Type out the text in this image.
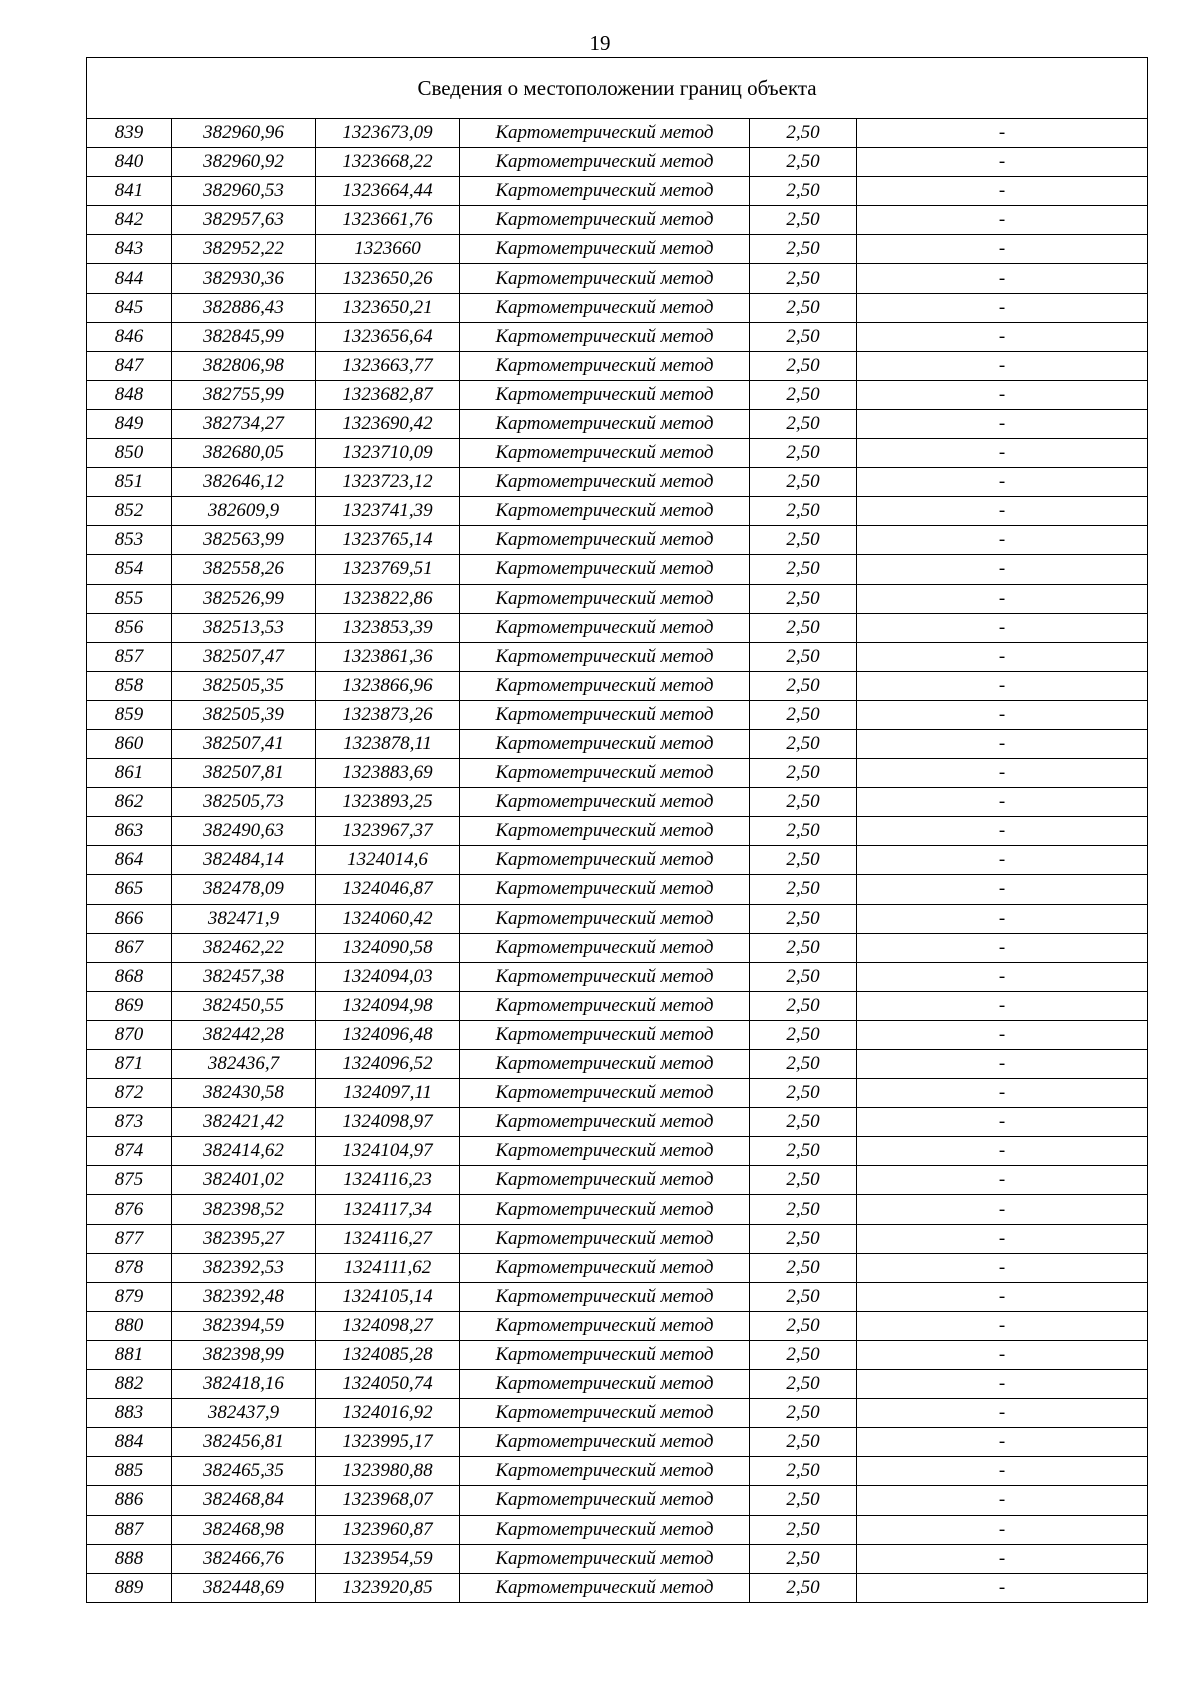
19
Сведения о местоположении границ объекта					
839	382960,96	1323673,09	Картометрический метод	2,50	-
840	382960,92	1323668,22	Картометрический метод	2,50	-
841	382960,53	1323664,44	Картометрический метод	2,50	-
842	382957,63	1323661,76	Картометрический метод	2,50	-
843	382952,22	1323660	Картометрический метод	2,50	-
844	382930,36	1323650,26	Картометрический метод	2,50	-
845	382886,43	1323650,21	Картометрический метод	2,50	-
846	382845,99	1323656,64	Картометрический метод	2,50	-
847	382806,98	1323663,77	Картометрический метод	2,50	-
848	382755,99	1323682,87	Картометрический метод	2,50	-
849	382734,27	1323690,42	Картометрический метод	2,50	-
850	382680,05	1323710,09	Картометрический метод	2,50	-
851	382646,12	1323723,12	Картометрический метод	2,50	-
852	382609,9	1323741,39	Картометрический метод	2,50	-
853	382563,99	1323765,14	Картометрический метод	2,50	-
854	382558,26	1323769,51	Картометрический метод	2,50	-
855	382526,99	1323822,86	Картометрический метод	2,50	-
856	382513,53	1323853,39	Картометрический метод	2,50	-
857	382507,47	1323861,36	Картометрический метод	2,50	-
858	382505,35	1323866,96	Картометрический метод	2,50	-
859	382505,39	1323873,26	Картометрический метод	2,50	-
860	382507,41	1323878,11	Картометрический метод	2,50	-
861	382507,81	1323883,69	Картометрический метод	2,50	-
862	382505,73	1323893,25	Картометрический метод	2,50	-
863	382490,63	1323967,37	Картометрический метод	2,50	-
864	382484,14	1324014,6	Картометрический метод	2,50	-
865	382478,09	1324046,87	Картометрический метод	2,50	-
866	382471,9	1324060,42	Картометрический метод	2,50	-
867	382462,22	1324090,58	Картометрический метод	2,50	-
868	382457,38	1324094,03	Картометрический метод	2,50	-
869	382450,55	1324094,98	Картометрический метод	2,50	-
870	382442,28	1324096,48	Картометрический метод	2,50	-
871	382436,7	1324096,52	Картометрический метод	2,50	-
872	382430,58	1324097,11	Картометрический метод	2,50	-
873	382421,42	1324098,97	Картометрический метод	2,50	-
874	382414,62	1324104,97	Картометрический метод	2,50	-
875	382401,02	1324116,23	Картометрический метод	2,50	-
876	382398,52	1324117,34	Картометрический метод	2,50	-
877	382395,27	1324116,27	Картометрический метод	2,50	-
878	382392,53	1324111,62	Картометрический метод	2,50	-
879	382392,48	1324105,14	Картометрический метод	2,50	-
880	382394,59	1324098,27	Картометрический метод	2,50	-
881	382398,99	1324085,28	Картометрический метод	2,50	-
882	382418,16	1324050,74	Картометрический метод	2,50	-
883	382437,9	1324016,92	Картометрический метод	2,50	-
884	382456,81	1323995,17	Картометрический метод	2,50	-
885	382465,35	1323980,88	Картометрический метод	2,50	-
886	382468,84	1323968,07	Картометрический метод	2,50	-
887	382468,98	1323960,87	Картометрический метод	2,50	-
888	382466,76	1323954,59	Картометрический метод	2,50	-
889	382448,69	1323920,85	Картометрический метод	2,50	-
